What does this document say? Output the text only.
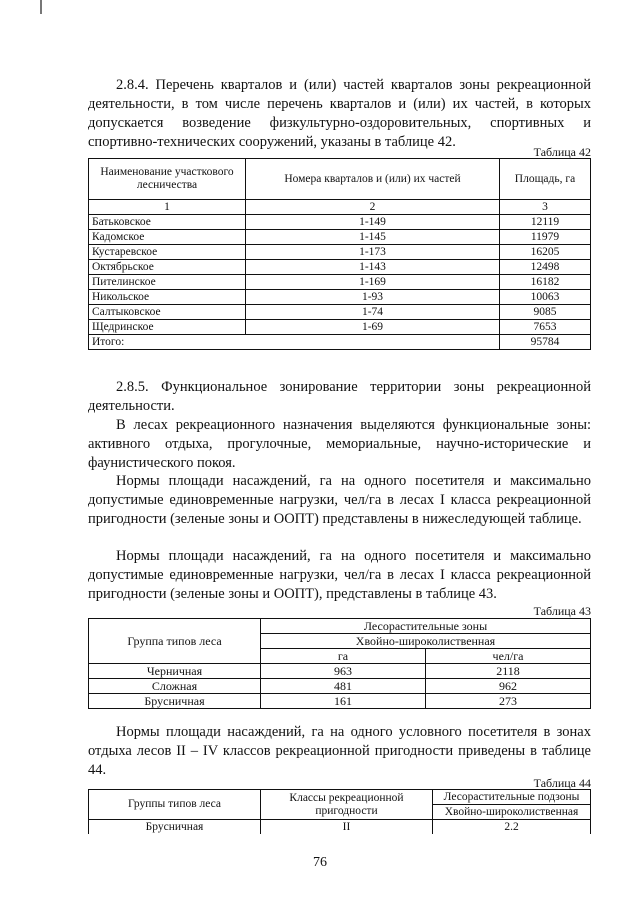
2.8.4. Перечень кварталов и (или) частей кварталов зоны рекреационной деятельности, в том числе перечень кварталов и (или) их частей, в которых допускается возведение физкультурно-оздоровительных, спортивных и спортивно-технических сооружений, указаны в таблице 42.

Таблица 42
Наименование участкового лесничества	Номера кварталов и (или) их частей	Площадь, га
1	2	3
Батьковское	1-149	12119
Кадомское	1-145	11979
Кустаревское	1-173	16205
Октябрьское	1-143	12498
Пителинское	1-169	16182
Никольское	1-93	10063
Салтыковское	1-74	9085
Щедринское	1-69	7653
Итого:		95784

2.8.5. Функциональное зонирование территории зоны рекреационной деятельности.

В лесах рекреационного назначения выделяются функциональные зоны: активного отдыха, прогулочные, мемориальные, научно-исторические и фаунистического покоя.

Нормы площади насаждений, га на одного посетителя и максимально допустимые единовременные нагрузки, чел/га в лесах I класса рекреационной пригодности (зеленые зоны и ООПТ) представлены в нижеследующей таблице.

Нормы площади насаждений, га на одного посетителя и максимально допустимые единовременные нагрузки, чел/га в лесах I класса рекреационной пригодности (зеленые зоны и ООПТ), представлены в таблице 43.

Таблица 43
Группа типов леса	Лесорастительные зоны	
	Хвойно-широколиственная	
	га	чел/га
Черничная	963	2118
Сложная	481	962
Брусничная	161	273

Нормы площади насаждений, га на одного условного посетителя в зонах отдыха лесов II – IV классов рекреационной пригодности приведены в таблице 44.

Таблица 44
Группы типов леса	Классы рекреационной пригодности	Лесорастительные подзоны
		Хвойно-широколиственная
Брусничная	II	2.2
76
